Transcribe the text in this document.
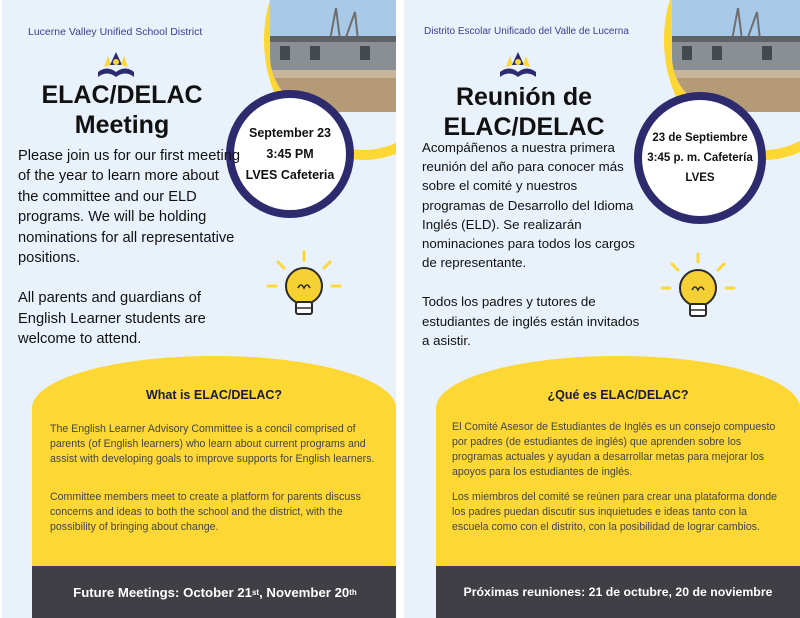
Lucerne Valley Unified School District
ELAC/DELAC
Meeting	September 23
3:45 PM
LVES Cafeteria

Please join us for our first meeting of the year to learn more about the committee and our ELD programs. We will be holding nominations for all representative positions.

All parents and guardians of English Learner students are welcome to attend.

What is ELAC/DELAC?

The English Learner Advisory Committee is a concil comprised of parents (of English learners) who learn about current programs and assist with developing goals to improve supports for English learners.

Committee members meet to create a platform for parents discuss concerns and ideas to both the school and the district, with the possibility of bringing about change.

Future Meetings: October 21 st , November 20 th
Distrito Escolar Unificado del Valle de Lucerna
Reunión de
ELAC/DELAC	23 de Septiembre
3:45 p. m. Cafetería
LVES

Acompáñenos a nuestra primera reunión del año para conocer más sobre el comité y nuestros programas de Desarrollo del Idioma Inglés (ELD). Se realizarán nominaciones para todos los cargos de representante.

Todos los padres y tutores de estudiantes de inglés están invitados a asistir.

¿Qué es ELAC/DELAC?

El Comité Asesor de Estudiantes de Inglés es un consejo compuesto por padres (de estudiantes de inglés) que aprenden sobre los programas actuales y ayudan a desarrollar metas para mejorar los apoyos para los estudiantes de inglés.

Los miembros del comité se reúnen para crear una plataforma donde los padres puedan discutir sus inquietudes e ideas tanto con la escuela como con el distrito, con la posibilidad de lograr cambios.

Próximas reuniones: 21 de octubre, 20 de noviembre
